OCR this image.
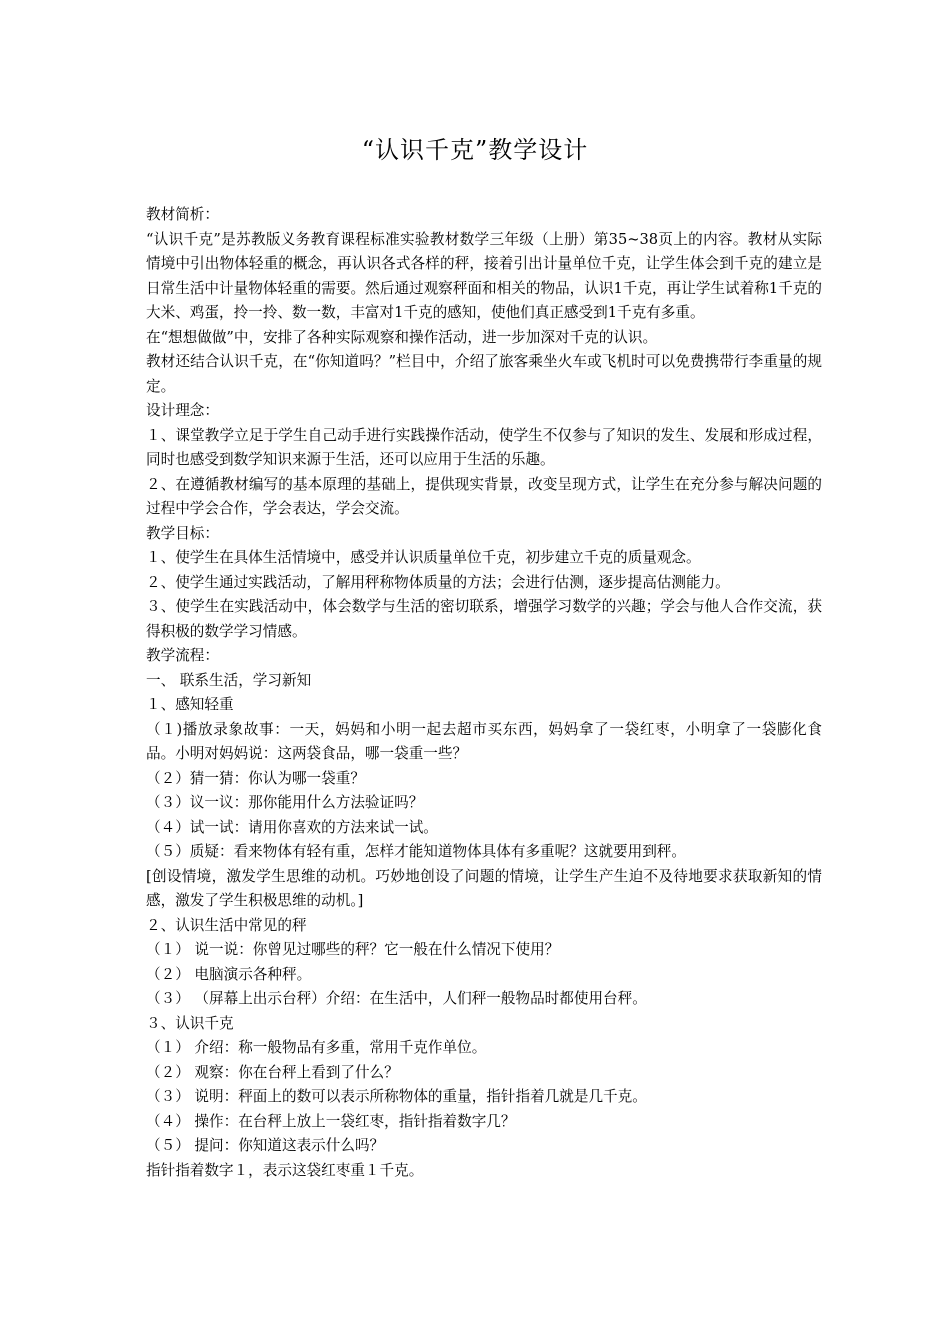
“认识千克”教学设计

教材简析：

“认识千克”是苏教版义务教育课程标准实验教材数学三年级（上册）第35~38页上的内容。教材从实际情境中引出物体轻重的概念，再认识各式各样的秤，接着引出计量单位千克，让学生体会到千克的建立是日常生活中计量物体轻重的需要。然后通过观察秤面和相关的物品，认识1千克，再让学生试着称1千克的大米、鸡蛋，拎一拎、数一数，丰富对1千克的感知，使他们真正感受到1千克有多重。

在“想想做做”中，安排了各种实际观察和操作活动，进一步加深对千克的认识。

教材还结合认识千克，在“你知道吗？”栏目中，介绍了旅客乘坐火车或飞机时可以免费携带行李重量的规定。

设计理念：

１、课堂教学立足于学生自己动手进行实践操作活动，使学生不仅参与了知识的发生、发展和形成过程，同时也感受到数学知识来源于生活，还可以应用于生活的乐趣。

２、在遵循教材编写的基本原理的基础上，提供现实背景，改变呈现方式，让学生在充分参与解决问题的过程中学会合作，学会表达，学会交流。

教学目标：

１、使学生在具体生活情境中，感受并认识质量单位千克，初步建立千克的质量观念。

２、使学生通过实践活动，了解用秤称物体质量的方法；会进行估测，逐步提高估测能力。

３、使学生在实践活动中，体会数学与生活的密切联系，增强学习数学的兴趣；学会与他人合作交流，获得积极的数学学习情感。

教学流程：

一、 联系生活，学习新知

１、感知轻重

（１)播放录象故事：一天，妈妈和小明一起去超市买东西，妈妈拿了一袋红枣，小明拿了一袋膨化食品。小明对妈妈说：这两袋食品，哪一袋重一些？

（２）猜一猜：你认为哪一袋重？

（３）议一议：那你能用什么方法验证吗？

（４）试一试：请用你喜欢的方法来试一试。

（５）质疑：看来物体有轻有重，怎样才能知道物体具体有多重呢？这就要用到秤。

[创设情境，激发学生思维的动机。巧妙地创设了问题的情境，让学生产生迫不及待地要求获取新知的情感，激发了学生积极思维的动机。]

２、认识生活中常见的秤

（１） 说一说：你曾见过哪些的秤？它一般在什么情况下使用？

（２） 电脑演示各种秤。

（３） （屏幕上出示台秤）介绍：在生活中，人们秤一般物品时都使用台秤。

３、认识千克

（１） 介绍：称一般物品有多重，常用千克作单位。

（２） 观察：你在台秤上看到了什么？

（３） 说明：秤面上的数可以表示所称物体的重量，指针指着几就是几千克。

（４） 操作：在台秤上放上一袋红枣，指针指着数字几？

（５） 提问：你知道这表示什么吗？

指针指着数字１，表示这袋红枣重１千克。
